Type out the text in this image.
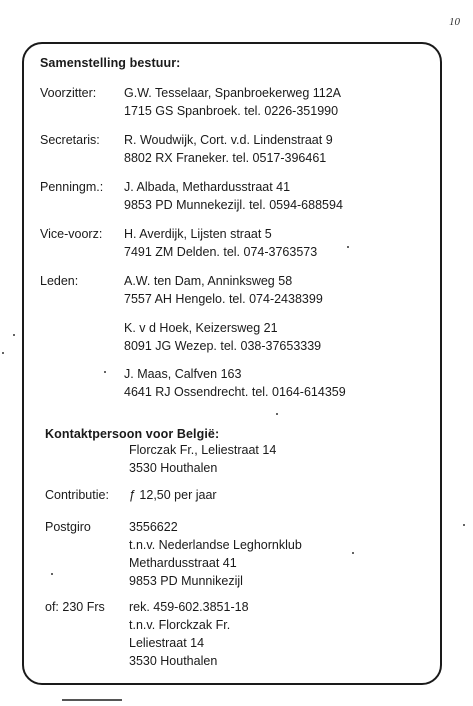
10
Samenstelling bestuur:
Voorzitter: G.W. Tesselaar, Spanbroekerweg 112A
1715 GS Spanbroek. tel. 0226-351990
Secretaris: R. Woudwijk, Cort. v.d. Lindenstraat 9
8802 RX Franeker. tel. 0517-396461
Penningm.: J. Albada, Methardusstraat 41
9853 PD Munnekezijl. tel. 0594-688594
Vice-voorz: H. Averdijk, Lijsten straat 5
7491 ZM Delden. tel. 074-3763573
Leden:	A.W. ten Dam, Anninksweg 58
7557 AH Hengelo. tel. 074-2438399
K. v d Hoek, Keizersweg 21
8091 JG Wezep. tel. 038-37653339
J. Maas, Calfven 163
4641 RJ Ossendrecht. tel. 0164-614359
Kontaktpersoon voor België:
Florczak Fr., Leliestraat 14
3530 Houthalen
Contributie: ƒ 12,50 per jaar
Postgiro	3556622
t.n.v. Nederlandse Leghornklub
Methardusstraat 41
9853 PD Munnikezijl
of: 230 Frs rek. 459-602.3851-18
t.n.v. Florckzak Fr.
Leliestraat 14
3530 Houthalen
